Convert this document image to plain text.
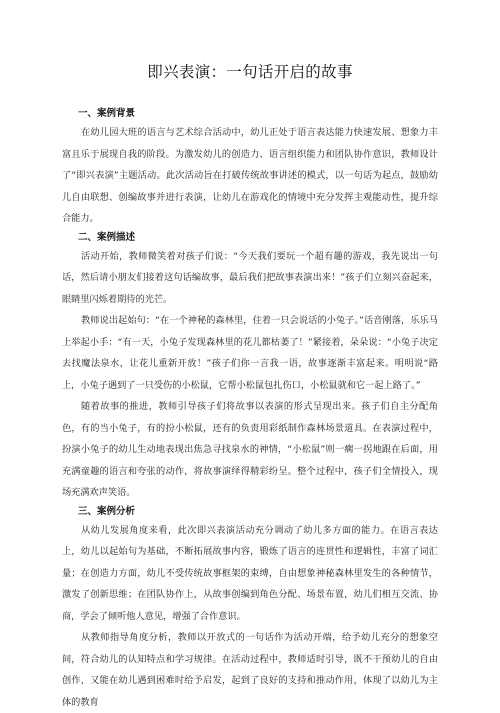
即兴表演：一句话开启的故事
一、案例背景

在幼儿园大班的语言与艺术综合活动中，幼儿正处于语言表达能力快速发展、想象力丰富且乐于展现自我的阶段。为激发幼儿的创造力、语言组织能力和团队协作意识，教师设计了“即兴表演”主题活动。此次活动旨在打破传统故事讲述的模式，以一句话为起点，鼓励幼儿自由联想、创编故事并进行表演，让幼儿在游戏化的情境中充分发挥主观能动性，提升综合能力。

二、案例描述

活动开始，教师微笑着对孩子们说：“今天我们要玩一个超有趣的游戏，我先说出一句话，然后请小朋友们接着这句话编故事，最后我们把故事表演出来！”孩子们立刻兴奋起来，眼睛里闪烁着期待的光芒。

教师说出起始句：“在一个神秘的森林里，住着一只会说话的小兔子。”话音刚落，乐乐马上举起小手：“有一天，小兔子发现森林里的花儿都枯萎了！”紧接着，朵朵说：“小兔子决定去找魔法泉水，让花儿重新开放！”孩子们你一言我一语，故事逐渐丰富起来。明明说“路上，小兔子遇到了一只受伤的小松鼠，它帮小松鼠包扎伤口，小松鼠就和它一起上路了。”

随着故事的推进，教师引导孩子们将故事以表演的形式呈现出来。孩子们自主分配角色，有的当小兔子，有的扮小松鼠，还有的负责用彩纸制作森林场景道具。在表演过程中，扮演小兔子的幼儿生动地表现出焦急寻找泉水的神情，“小松鼠”则一瘸一拐地跟在后面，用充满童趣的语言和夸张的动作，将故事演绎得精彩纷呈。整个过程中，孩子们全情投入，现场充满欢声笑语。

三、案例分析

从幼儿发展角度来看，此次即兴表演活动充分调动了幼儿多方面的能力。在语言表达上，幼儿以起始句为基础，不断拓展故事内容，锻炼了语言的连贯性和逻辑性，丰富了词汇量；在创造力方面，幼儿不受传统故事框架的束缚，自由想象神秘森林里发生的各种情节，激发了创新思维；在团队协作上，从故事创编到角色分配、场景布置，幼儿们相互交流、协商，学会了倾听他人意见，增强了合作意识。

从教师指导角度分析，教师以开放式的一句话作为活动开端，给予幼儿充分的想象空间，符合幼儿的认知特点和学习规律。在活动过程中，教师适时引导，既不干预幼儿的自由创作，又能在幼儿遇到困难时给予启发，起到了良好的支持和推动作用，体现了以幼儿为主体的教育
